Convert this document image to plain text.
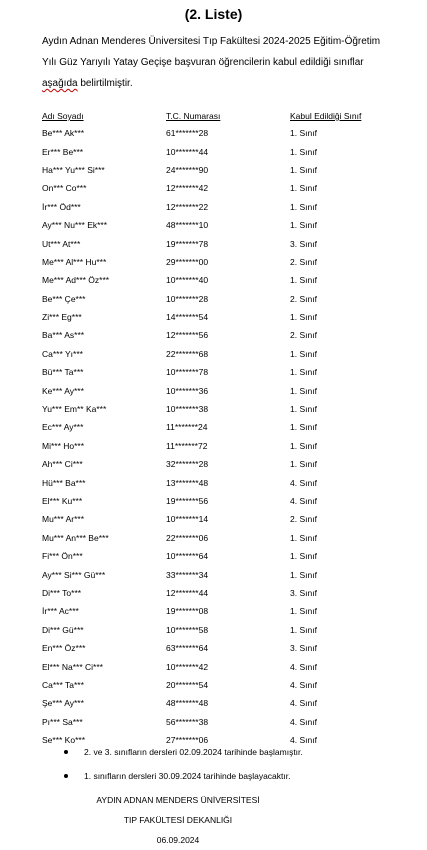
(2. Liste)
Aydın Adnan Menderes Üniversitesi Tıp Fakültesi 2024-2025 Eğitim-Öğretim
Yılı Güz Yarıyılı Yatay Geçişe başvuran öğrencilerin kabul edildiği sınıflar
aşağıda belirtilmiştir.
Adı Soyadı	T.C. Numarası	Kabul Edildiği Sınıf
Be*** Ak***	61*******28	1. Sınıf
Er*** Be***	10*******44	1. Sınıf
Ha*** Yu*** Si***	24*******90	1. Sınıf
On*** Co***	12*******42	1. Sınıf
İr*** Öd***	12*******22	1. Sınıf
Ay*** Nu*** Ek***	48*******10	1. Sınıf
Ut*** At***	19*******78	3. Sınıf
Me*** Al*** Hu***	29*******00	2. Sınıf
Me*** Ad*** Öz***	10*******40	1. Sınıf
Be*** Çe***	10*******28	2. Sınıf
Zi*** Eg***	14*******54	1. Sınıf
Ba*** As***	12*******56	2. Sınıf
Ca*** Yı***	22*******68	1. Sınıf
Bü*** Ta***	10*******78	1. Sınıf
Ke*** Ay***	10*******36	1. Sınıf
Yu*** Em** Ka***	10*******38	1. Sınıf
Ec*** Ay***	11*******24	1. Sınıf
Mi*** Ho***	11*******72	1. Sınıf
Ah*** Ci***	32*******28	1. Sınıf
Hü*** Ba***	13*******48	4. Sınıf
El*** Ku***	19*******56	4. Sınıf
Mu*** Ar***	10*******14	2. Sınıf
Mu*** An*** Be***	22*******06	1. Sınıf
Fi*** Ön***	10*******64	1. Sınıf
Ay*** Si*** Gü***	33*******34	1. Sınıf
Di*** To***	12*******44	3. Sınıf
İr*** Ac***	19*******08	1. Sınıf
Di*** Gü***	10*******58	1. Sınıf
En*** Öz***	63*******64	3. Sınıf
El*** Na*** Ci***	10*******42	4. Sınıf
Ca*** Ta***	20*******54	4. Sınıf
Şe*** Ay***	48*******48	4. Sınıf
Pı*** Sa***	56*******38	4. Sınıf
Se*** Ko***	27*******06	4. Sınıf
2. ve 3. sınıfların dersleri 02.09.2024 tarihinde başlamıştır.
1. sınıfların dersleri 30.09.2024 tarihinde başlayacaktır.
AYDIN ADNAN MENDERS ÜNİVERSİTESİ
TIP FAKÜLTESİ DEKANLIĞI
06.09.2024
